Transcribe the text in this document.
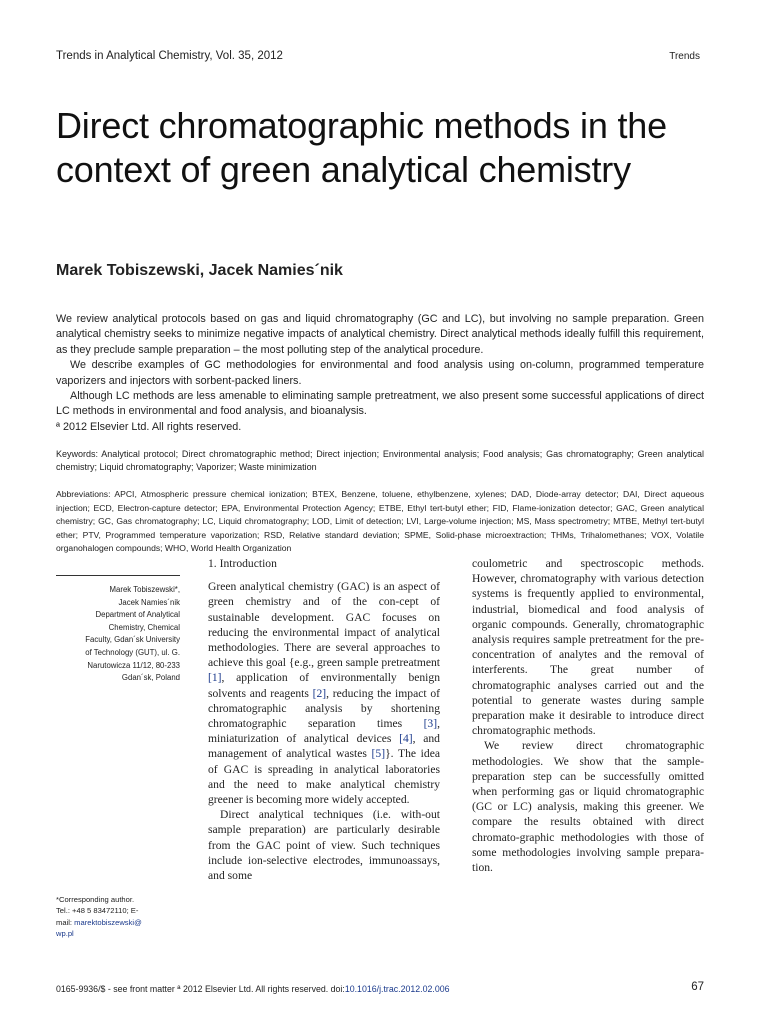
Trends in Analytical Chemistry, Vol. 35, 2012	Trends
Direct chromatographic methods in the context of green analytical chemistry
Marek Tobiszewski, Jacek Namies´nik

We review analytical protocols based on gas and liquid chromatography (GC and LC), but involving no sample preparation. Green analytical chemistry seeks to minimize negative impacts of analytical chemistry. Direct analytical methods ideally fulfill this requirement, as they preclude sample preparation – the most polluting step of the analytical procedure.

We describe examples of GC methodologies for environmental and food analysis using on-column, programmed temperature vaporizers and injectors with sorbent-packed liners.

Although LC methods are less amenable to eliminating sample pretreatment, we also present some successful applications of direct LC methods in environmental and food analysis, and bioanalysis.

ª 2012 Elsevier Ltd. All rights reserved.

Keywords: Analytical protocol; Direct chromatographic method; Direct injection; Environmental analysis; Food analysis; Gas chromatography; Green analytical chemistry; Liquid chromatography; Vaporizer; Waste minimization
Abbreviations: APCI, Atmospheric pressure chemical ionization; BTEX, Benzene, toluene, ethylbenzene, xylenes; DAD, Diode-array detector; DAI, Direct aqueous injection; ECD, Electron-capture detector; EPA, Environmental Protection Agency; ETBE, Ethyl tert-butyl ether; FID, Flame-ionization detector; GAC, Green analytical chemistry; GC, Gas chromatography; LC, Liquid chromatography; LOD, Limit of detection; LVI, Large-volume injection; MS, Mass spectrometry; MTBE, Methyl tert-butyl ether; PTV, Programmed temperature vaporization; RSD, Relative standard deviation; SPME, Solid-phase microextraction; THMs, Trihalomethanes; VOX, Volatile organohalogen compounds; WHO, World Health Organization
Marek Tobiszewski*,
Jacek Namies´nik
Department of Analytical
Chemistry, Chemical
Faculty, Gdan´sk University
of Technology (GUT), ul. G.
Narutowicza 11/12, 80-233
Gdan´sk, Poland
*Corresponding author.
Tel.: +48 5 83472110; E-
mail: marektobiszewski@
wp.pl

1. Introduction

Green analytical chemistry (GAC) is an aspect of green chemistry and of the con-cept of sustainable development. GAC focuses on reducing the environmental impact of analytical methodologies. There are several approaches to achieve this goal {e.g., green sample pretreatment [1], application of environmentally benign solvents and reagents [2], reducing the impact of chromatographic analysis by shortening chromatographic separation times [3], miniaturization of analytical devices [4], and management of analytical wastes [5]}. The idea of GAC is spreading in analytical laboratories and the need to make analytical chemistry greener is becoming more widely accepted.

Direct analytical techniques (i.e. with-out sample preparation) are particularly desirable from the GAC point of view. Such techniques include ion-selective electrodes, immunoassays, and some

coulometric and spectroscopic methods. However, chromatography with various detection systems is frequently applied to environmental, industrial, biomedical and food analysis of organic compounds. Generally, chromatographic analysis requires sample pretreatment for the pre-concentration of analytes and the removal of interferents. The great number of chromatographic analyses carried out and the potential to generate wastes during sample preparation make it desirable to introduce direct chromatographic methods.

We review direct chromatographic methodologies. We show that the sample-preparation step can be successfully omitted when performing gas or liquid chromatographic (GC or LC) analysis, making this greener. We compare the results obtained with direct chromato-graphic methodologies with those of some methodologies involving sample prepara-tion.

0165-9936/$ - see front matter ª 2012 Elsevier Ltd. All rights reserved. doi:10.1016/j.trac.2012.02.006	67
